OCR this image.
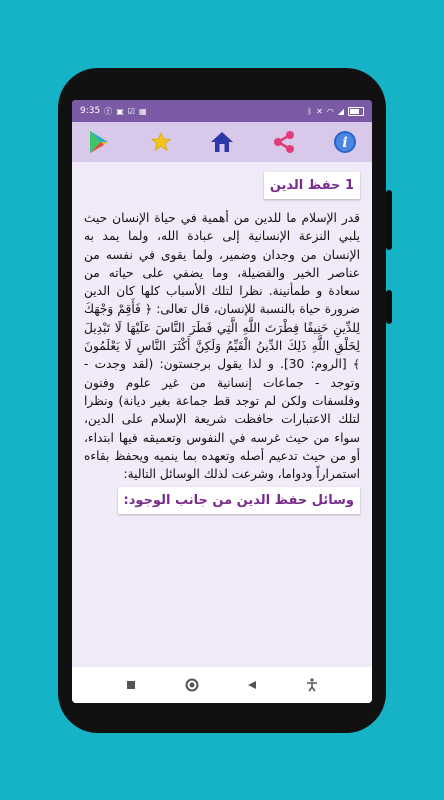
9:35 ⓕ ▣ ☑ ▦	ᛒ ✕ ◠ ◢
i
1 حفظ الدين

قدر الإسلام ما للدين من أهمية في حياة الإنسان حيث يلبي النزعة الإنسانية إلى عبادة الله، ولما يمد به الإنسان من وجدان وضمير، ولما يقوى في نفسه من عناصر الخير والفضيلة، وما يضفي على حياته من سعادة و طمأنينة. نظرا لتلك الأسباب كلها كان الدين ضرورة حياة بالنسبة للإنسان، قال تعالى: ﴿ فَأَقِمْ وَجْهَكَ لِلدِّينِ حَنِيفًا فِطْرَتَ اللَّهِ الَّتِي فَطَرَ النَّاسَ عَلَيْهَا لَا تَبْدِيلَ لِخَلْقِ اللَّهِ ذَلِكَ الدِّينُ الْقَيِّمُ وَلَكِنَّ أَكْثَرَ النَّاسِ لَا يَعْلَمُونَ ﴾ [الروم: 30]. و لذا يقول برجستون: (لقد وجدت - وتوجد - جماعات إنسانية من غير علوم وفنون وفلسفات ولكن لم توجد قط جماعة بغير ديانة) ونظرا لتلك الاعتبارات حافظت شريعة الإسلام على الدين، سواء من حيث غرسه في النفوس وتعميقه فيها ابتداء، أو من حيث تدعيم أصله وتعهده بما ينميه ويحفظ بقاءه استمراراً ودواما، وشرعت لذلك الوسائل التالية:

وسائل حفظ الدين من جانب الوجود:
